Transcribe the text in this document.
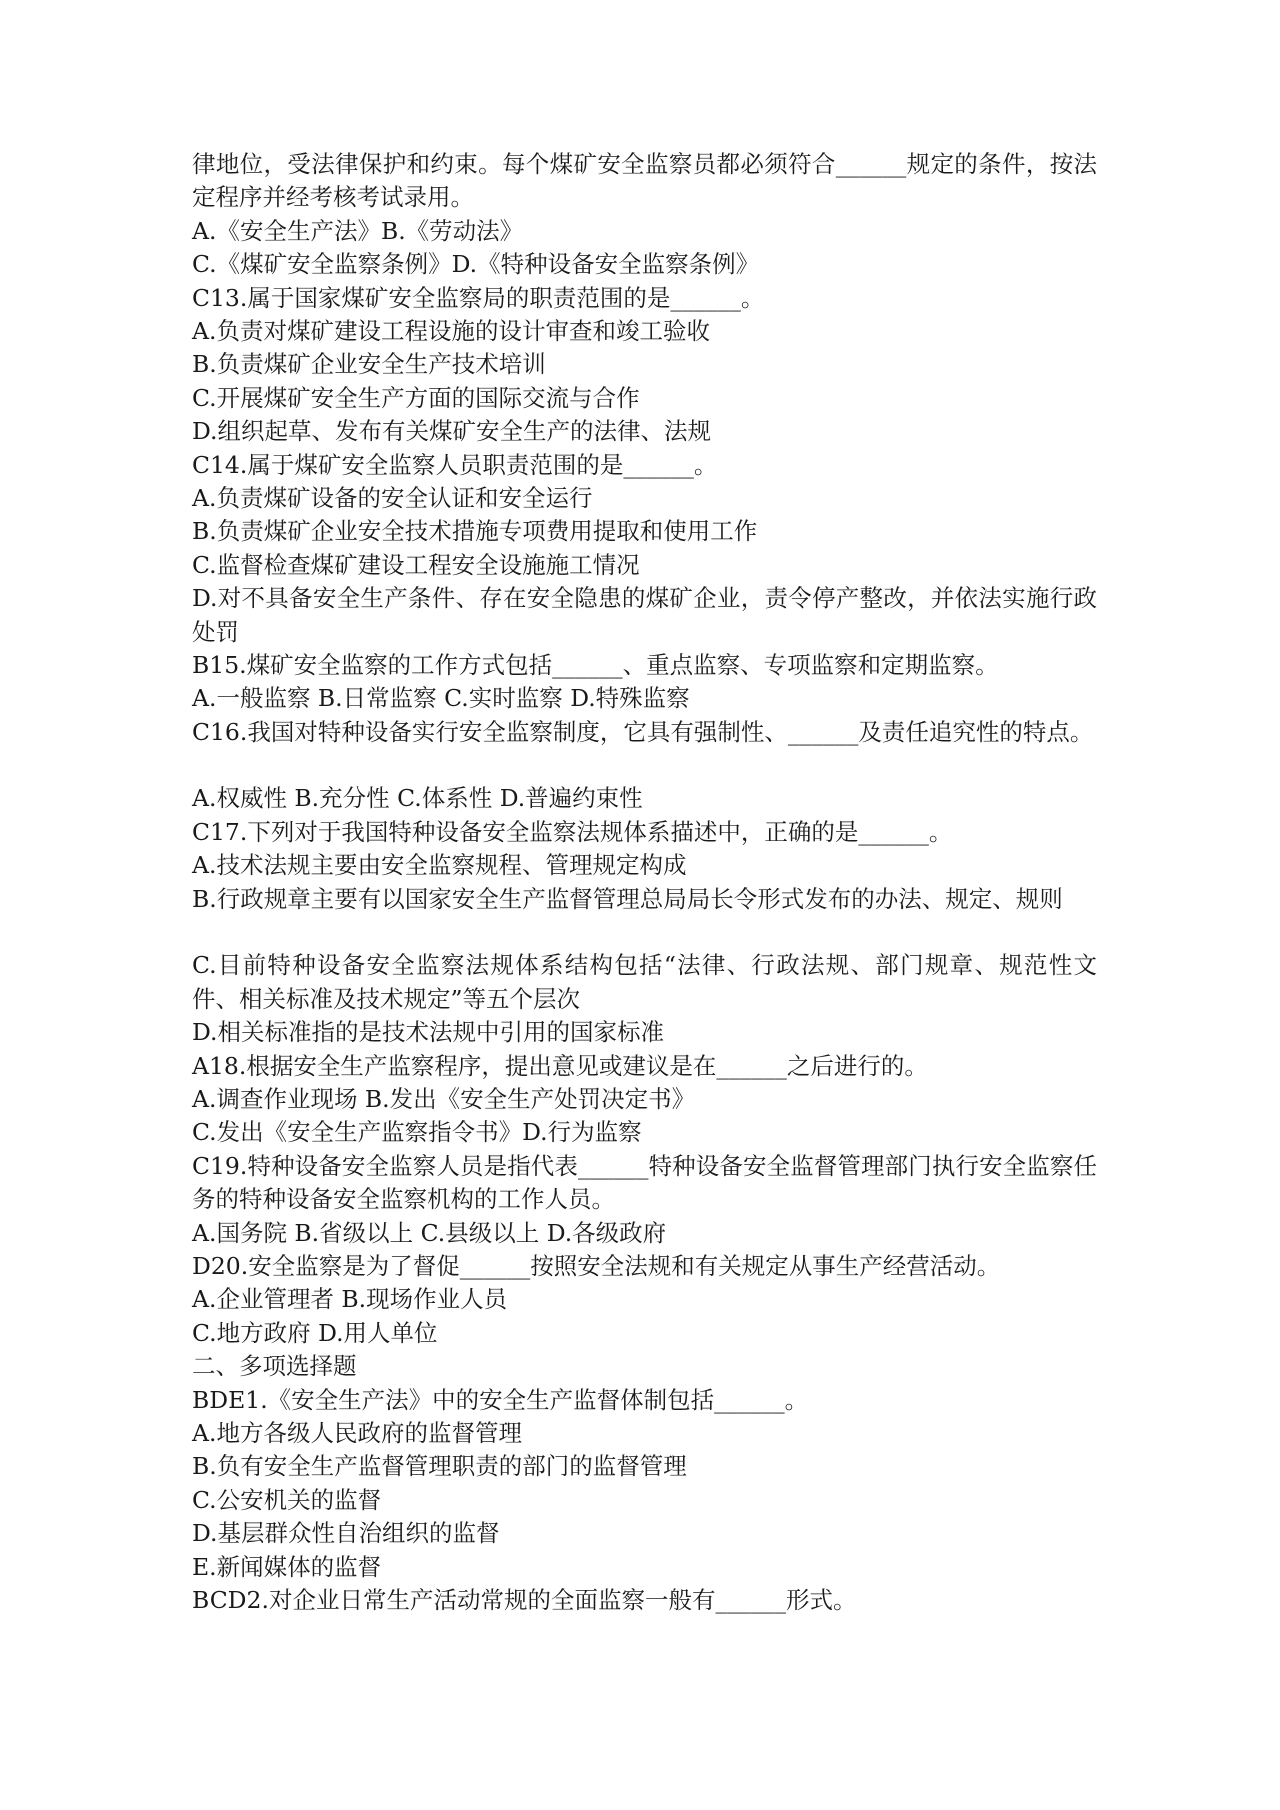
律地位，受法律保护和约束。每个煤矿安全监察员都必须符合______规定的条件，按法定程序并经考核考试录用。
A.《安全生产法》B.《劳动法》
C.《煤矿安全监察条例》D.《特种设备安全监察条例》
C13.属于国家煤矿安全监察局的职责范围的是______。
A.负责对煤矿建设工程设施的设计审查和竣工验收
B.负责煤矿企业安全生产技术培训
C.开展煤矿安全生产方面的国际交流与合作
D.组织起草、发布有关煤矿安全生产的法律、法规
C14.属于煤矿安全监察人员职责范围的是______。
A.负责煤矿设备的安全认证和安全运行
B.负责煤矿企业安全技术措施专项费用提取和使用工作
C.监督检查煤矿建设工程安全设施施工情况
D.对不具备安全生产条件、存在安全隐患的煤矿企业，责令停产整改，并依法实施行政处罚
B15.煤矿安全监察的工作方式包括______、重点监察、专项监察和定期监察。
A.一般监察 B.日常监察 C.实时监察 D.特殊监察
C16.我国对特种设备实行安全监察制度，它具有强制性、______及责任追究性的特点。
A.权威性 B.充分性 C.体系性 D.普遍约束性
C17.下列对于我国特种设备安全监察法规体系描述中，正确的是______。
A.技术法规主要由安全监察规程、管理规定构成
B.行政规章主要有以国家安全生产监督管理总局局长令形式发布的办法、规定、规则
C.目前特种设备安全监察法规体系结构包括“法律、行政法规、部门规章、规范性文件、相关标准及技术规定”等五个层次
D.相关标准指的是技术法规中引用的国家标准
A18.根据安全生产监察程序，提出意见或建议是在______之后进行的。
A.调查作业现场 B.发出《安全生产处罚决定书》
C.发出《安全生产监察指令书》D.行为监察
C19.特种设备安全监察人员是指代表______特种设备安全监督管理部门执行安全监察任务的特种设备安全监察机构的工作人员。
A.国务院 B.省级以上 C.县级以上 D.各级政府
D20.安全监察是为了督促______按照安全法规和有关规定从事生产经营活动。
A.企业管理者 B.现场作业人员
C.地方政府 D.用人单位
二、多项选择题
BDE1.《安全生产法》中的安全生产监督体制包括______。
A.地方各级人民政府的监督管理
B.负有安全生产监督管理职责的部门的监督管理
C.公安机关的监督
D.基层群众性自治组织的监督
E.新闻媒体的监督
BCD2.对企业日常生产活动常规的全面监察一般有______形式。
